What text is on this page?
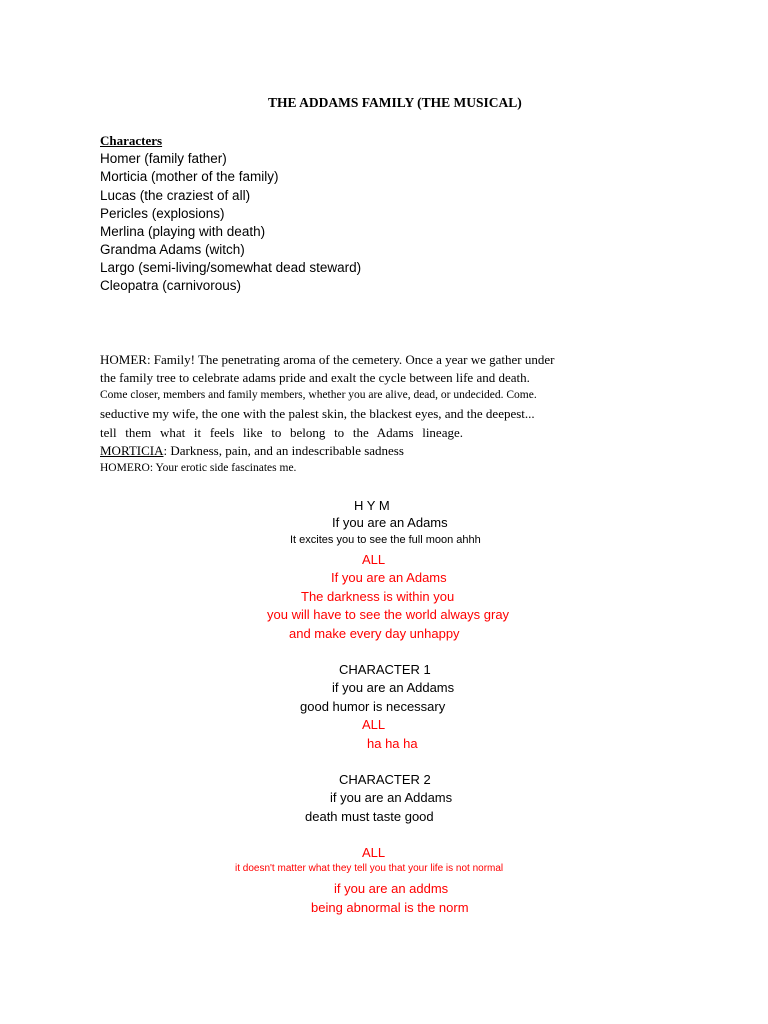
THE ADDAMS FAMILY (THE MUSICAL)
Characters
Homer (family father)
Morticia (mother of the family)
Lucas (the craziest of all)
Pericles (explosions)
Merlina (playing with death)
Grandma Adams (witch)
Largo (semi-living/somewhat dead steward)
Cleopatra (carnivorous)
HOMER: Family! The penetrating aroma of the cemetery. Once a year we gather under
the family tree to celebrate adams pride and exalt the cycle between life and death.
Come closer, members and family members, whether you are alive, dead, or undecided. Come.
seductive my wife, the one with the palest skin, the blackest eyes, and the deepest...
tell them what it feels like to belong to the Adams lineage.
MORTICIA: Darkness, pain, and an indescribable sadness
HOMERO: Your erotic side fascinates me.
H Y M
If you are an Adams
It excites you to see the full moon ahhh
ALL
If you are an Adams
The darkness is within you
you will have to see the world always gray
and make every day unhappy
CHARACTER 1
if you are an Addams
good humor is necessary
ALL
ha ha ha
CHARACTER 2
if you are an Addams
death must taste good
ALL
it doesn't matter what they tell you that your life is not normal
if you are an addms
being abnormal is the norm
